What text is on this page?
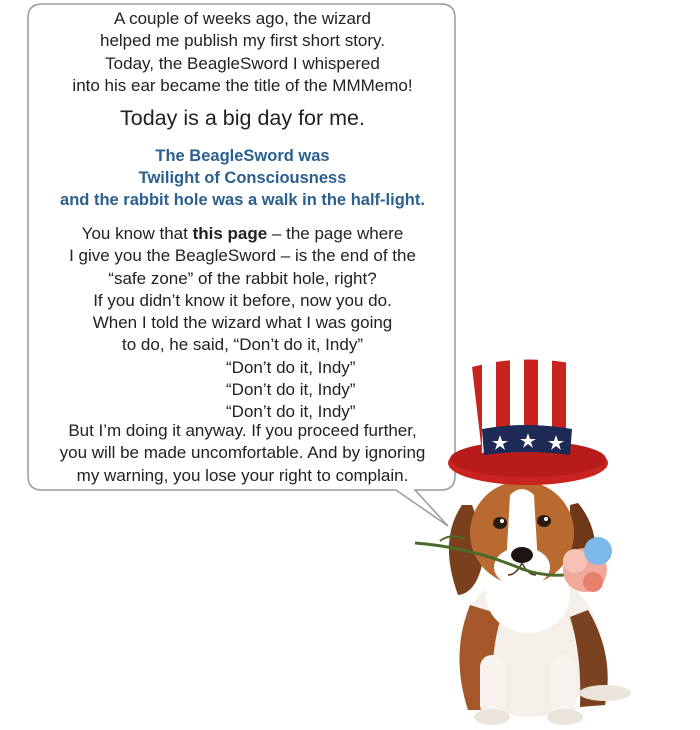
A couple of weeks ago, the wizard
helped me publish my first short story.
Today, the BeagleSword I whispered
into his ear became the title of the MMMemo!
Today is a big day for me.
The BeagleSword was
Twilight of Consciousness
and the rabbit hole was a walk in the half-light.
You know that this page – the page where
I give you the BeagleSword – is the end of the
“safe zone” of the rabbit hole, right?
If you didn’t know it before, now you do.
When I told the wizard what I was going
to do, he said, “Don’t do it, Indy”
“Don’t do it, Indy”
“Don’t do it, Indy”
“Don’t do it, Indy”
But I’m doing it anyway. If you proceed further,
you will be made uncomfortable. And by ignoring
my warning, you lose your right to complain.
